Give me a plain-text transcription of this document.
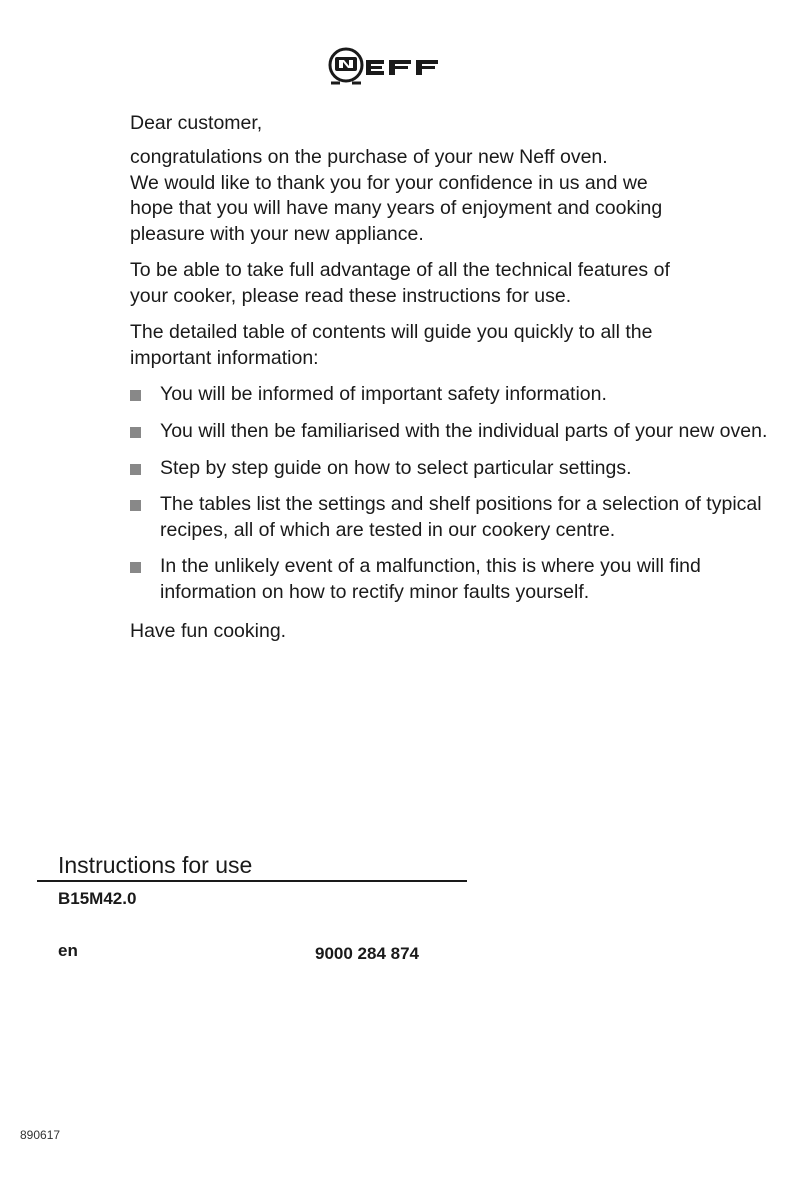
Dear customer,

congratulations on the purchase of your new Neff oven.
We would like to thank you for your confidence in us and we
hope that you will have many years of enjoyment and cooking
pleasure with your new appliance.

To be able to take full advantage of all the technical features of
your cooker, please read these instructions for use.

The detailed table of contents will guide you quickly to all the
important information:

You will be informed of important safety information.
You will then be familiarised with the individual parts of your new oven.
Step by step guide on how to select particular settings.
The tables list the settings and shelf positions for a selection of typical
recipes, all of which are tested in our cookery centre.
In the unlikely event of a malfunction, this is where you will find
information on how to rectify minor faults yourself.

Have fun cooking.

Instructions for use
B15M42.0
en	9000 284 874
890617
